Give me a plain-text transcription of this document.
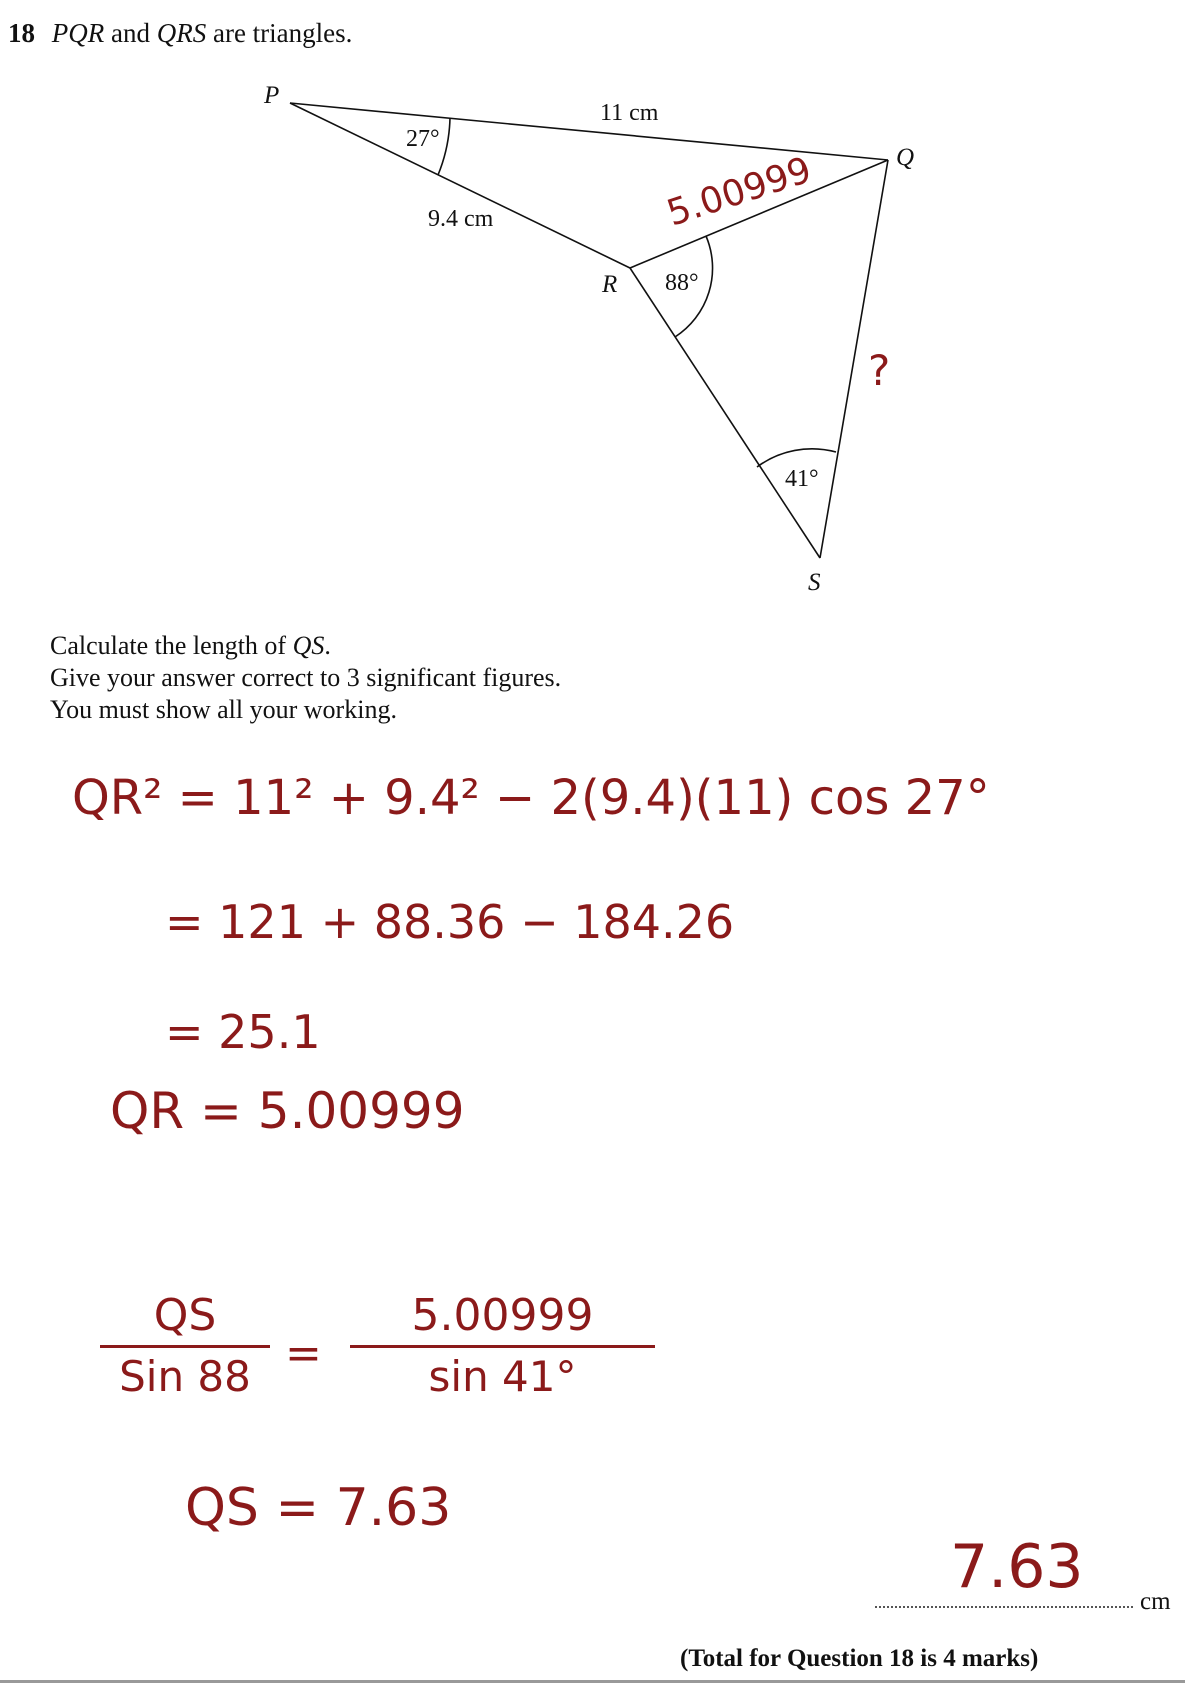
18 PQR and QRS are triangles.
P
Q
R
S
11 cm
9.4 cm
27°
88°
41°
5.00999
?
Calculate the length of QS.
Give your answer correct to 3 significant figures.
You must show all your working.
QR² = 11² + 9.4² − 2(9.4)(11) cos 27°
= 121 + 88.36 − 184.26
= 25.1
QR = 5.00999
QS
Sin 88 =
5.00999
sin 41°
QS = 7.63
7.63 cm
(Total for Question 18 is 4 marks)
